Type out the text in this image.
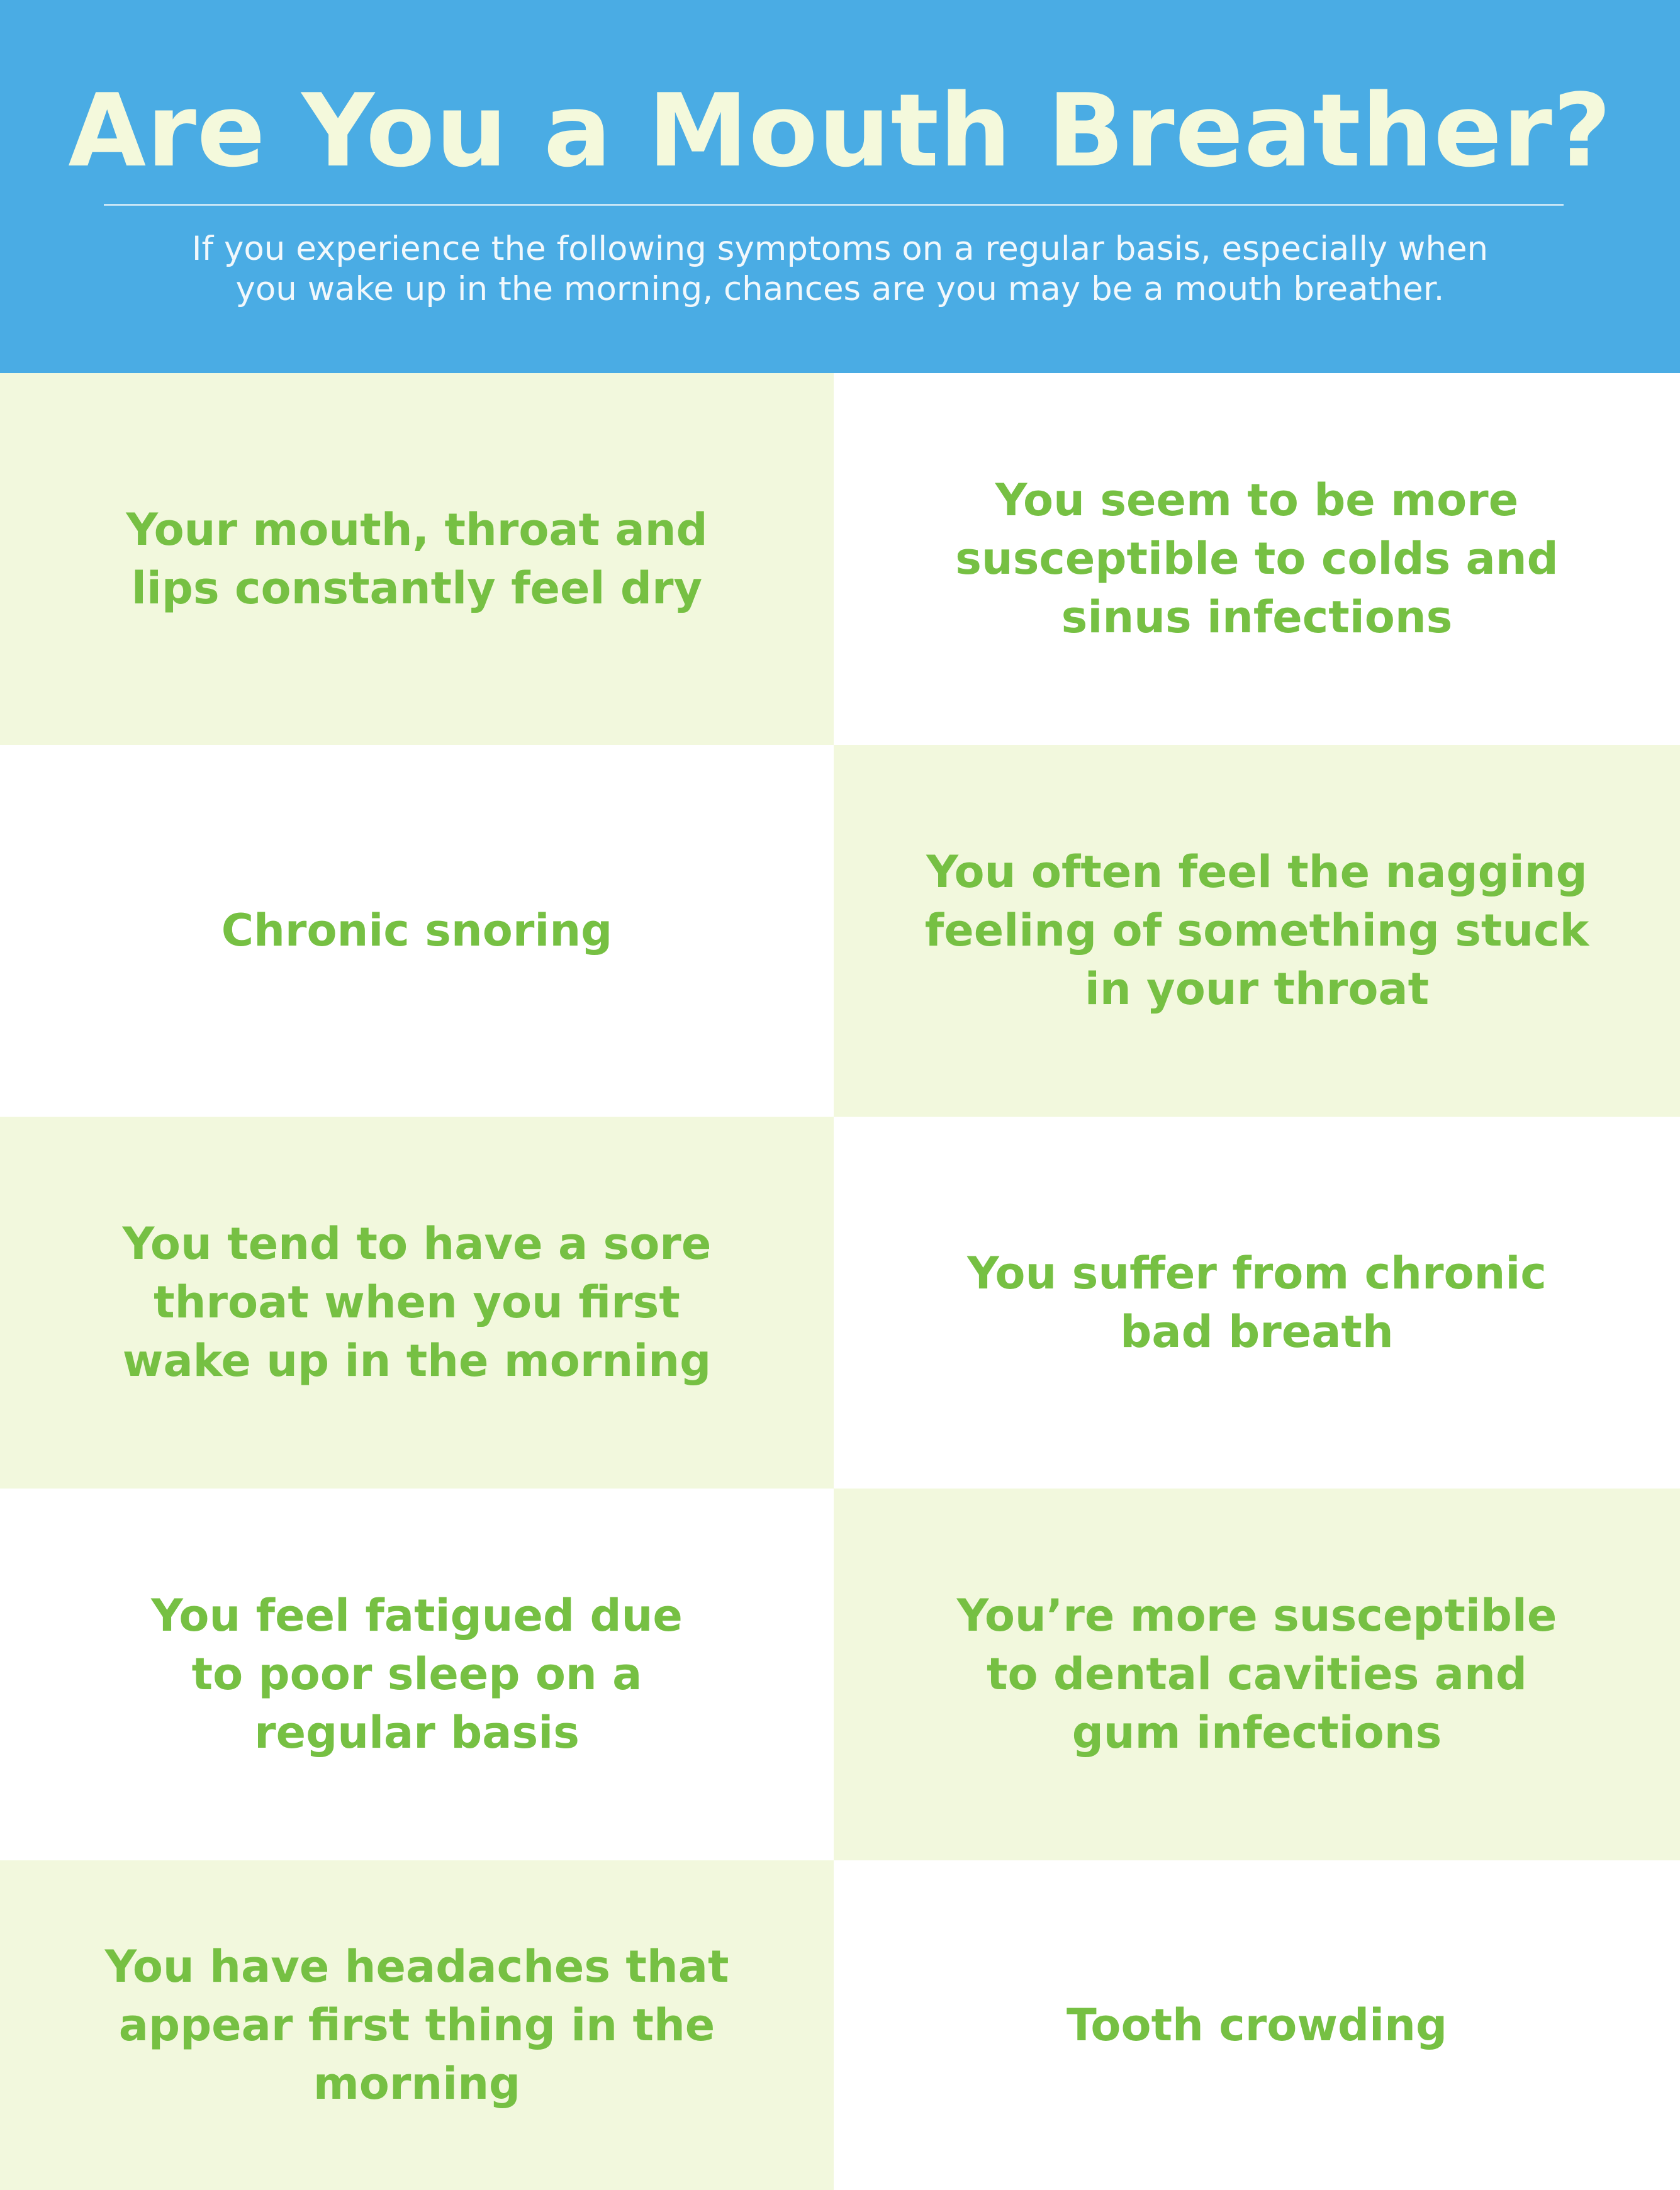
Are You a Mouth Breather?
If you experience the following symptoms on a regular basis, especially when
you wake up in the morning, chances are you may be a mouth breather.
Your mouth, throat and
lips constantly feel dry
You seem to be more
susceptible to colds and
sinus infections
Chronic snoring
You often feel the nagging
feeling of something stuck
in your throat
You tend to have a sore
throat when you first
wake up in the morning
You suffer from chronic
bad breath
You feel fatigued due
to poor sleep on a
regular basis
You’re more susceptible
to dental cavities and
gum infections
You have headaches that
appear first thing in the
morning
Tooth crowding
